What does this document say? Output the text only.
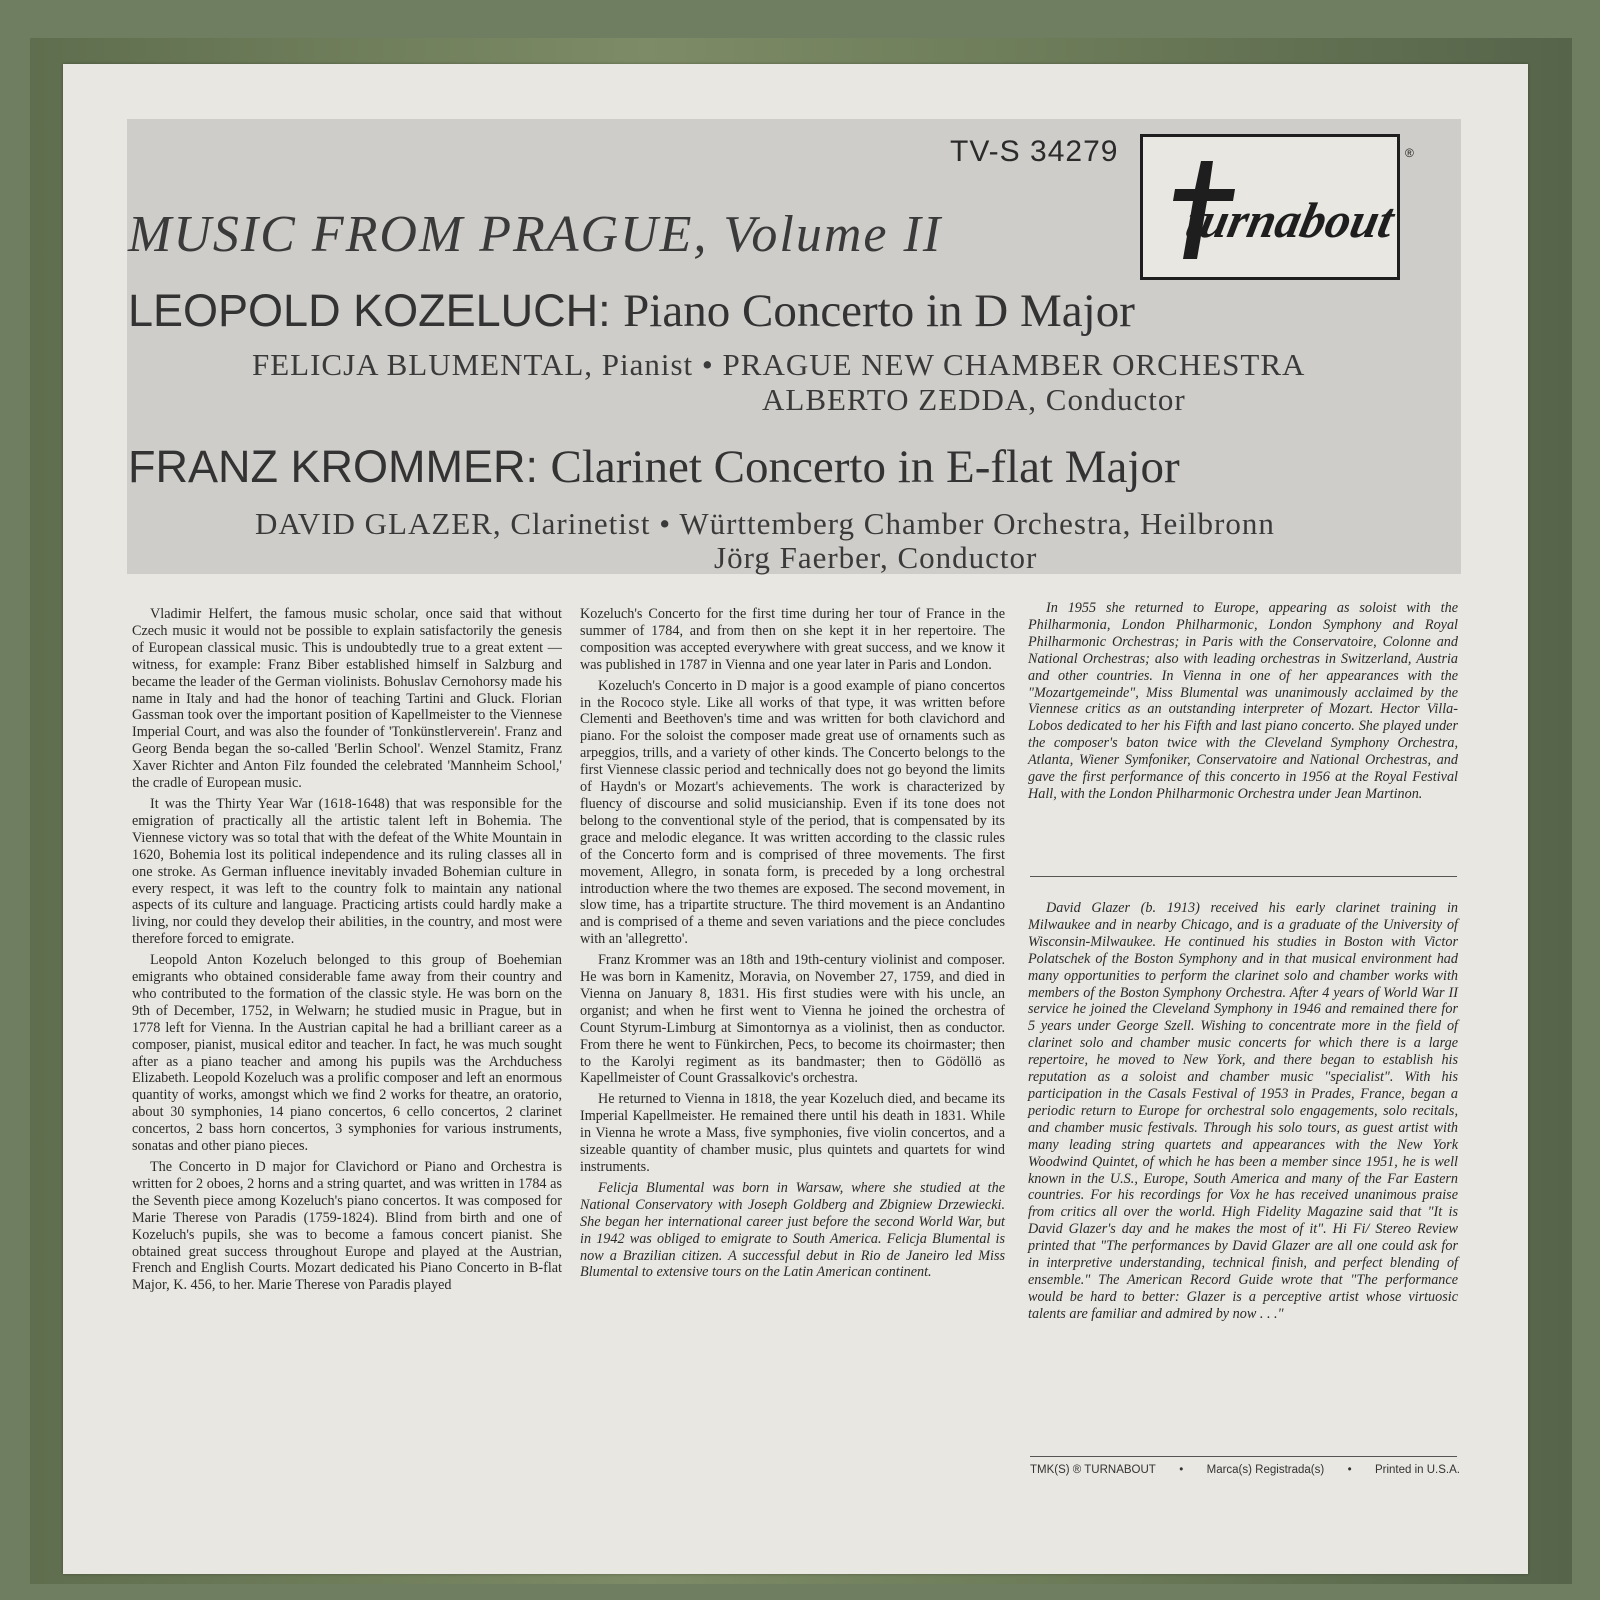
TV-S 34279
turnabout
®
MUSIC FROM PRAGUE, Volume II
LEOPOLD KOZELUCH: Piano Concerto in D Major
FELICJA BLUMENTAL, Pianist • PRAGUE NEW CHAMBER ORCHESTRA
ALBERTO ZEDDA, Conductor
FRANZ KROMMER: Clarinet Concerto in E-flat Major
DAVID GLAZER, Clarinetist • Württemberg Chamber Orchestra, Heilbronn
Jörg Faerber, Conductor

Vladimir Helfert, the famous music scholar, once said that without Czech music it would not be possible to explain satisfactorily the genesis of European classical music. This is undoubtedly true to a great extent — witness, for example: Franz Biber established himself in Salzburg and became the leader of the German violinists. Bohuslav Cernohorsy made his name in Italy and had the honor of teaching Tartini and Gluck. Florian Gassman took over the important position of Kapellmeister to the Viennese Imperial Court, and was also the founder of 'Tonkünstlerverein'. Franz and Georg Benda began the so-called 'Berlin School'. Wenzel Stamitz, Franz Xaver Richter and Anton Filz founded the celebrated 'Mannheim School,' the cradle of European music.

It was the Thirty Year War (1618-1648) that was responsible for the emigration of practically all the artistic talent left in Bohemia. The Viennese victory was so total that with the defeat of the White Mountain in 1620, Bohemia lost its political independence and its ruling classes all in one stroke. As German influence inevitably invaded Bohemian culture in every respect, it was left to the country folk to maintain any national aspects of its culture and language. Practicing artists could hardly make a living, nor could they develop their abilities, in the country, and most were therefore forced to emigrate.

Leopold Anton Kozeluch belonged to this group of Boehemian emigrants who obtained considerable fame away from their country and who contributed to the formation of the classic style. He was born on the 9th of December, 1752, in Welwarn; he studied music in Prague, but in 1778 left for Vienna. In the Austrian capital he had a brilliant career as a composer, pianist, musical editor and teacher. In fact, he was much sought after as a piano teacher and among his pupils was the Archduchess Elizabeth. Leopold Kozeluch was a prolific composer and left an enormous quantity of works, amongst which we find 2 works for theatre, an oratorio, about 30 symphonies, 14 piano concertos, 6 cello concertos, 2 clarinet concertos, 2 bass horn concertos, 3 symphonies for various instruments, sonatas and other piano pieces.

The Concerto in D major for Clavichord or Piano and Orchestra is written for 2 oboes, 2 horns and a string quartet, and was written in 1784 as the Seventh piece among Kozeluch's piano concertos. It was composed for Marie Therese von Paradis (1759-1824). Blind from birth and one of Kozeluch's pupils, she was to become a famous concert pianist. She obtained great success throughout Europe and played at the Austrian, French and English Courts. Mozart dedicated his Piano Concerto in B-flat Major, K. 456, to her. Marie Therese von Paradis played

Kozeluch's Concerto for the first time during her tour of France in the summer of 1784, and from then on she kept it in her repertoire. The composition was accepted everywhere with great success, and we know it was published in 1787 in Vienna and one year later in Paris and London.

Kozeluch's Concerto in D major is a good example of piano concertos in the Rococo style. Like all works of that type, it was written before Clementi and Beethoven's time and was written for both clavichord and piano. For the soloist the composer made great use of ornaments such as arpeggios, trills, and a variety of other kinds. The Concerto belongs to the first Viennese classic period and technically does not go beyond the limits of Haydn's or Mozart's achievements. The work is characterized by fluency of discourse and solid musicianship. Even if its tone does not belong to the conventional style of the period, that is compensated by its grace and melodic elegance. It was written according to the classic rules of the Concerto form and is comprised of three movements. The first movement, Allegro, in sonata form, is preceded by a long orchestral introduction where the two themes are exposed. The second movement, in slow time, has a tripartite structure. The third movement is an Andantino and is comprised of a theme and seven variations and the piece concludes with an 'allegretto'.

Franz Krommer was an 18th and 19th-century violinist and composer. He was born in Kamenitz, Moravia, on November 27, 1759, and died in Vienna on January 8, 1831. His first studies were with his uncle, an organist; and when he first went to Vienna he joined the orchestra of Count Styrum-Limburg at Simontornya as a violinist, then as conductor. From there he went to Fünkirchen, Pecs, to become its choirmaster; then to the Karolyi regiment as its bandmaster; then to Gödöllö as Kapellmeister of Count Grassalkovic's orchestra.

He returned to Vienna in 1818, the year Kozeluch died, and became its Imperial Kapellmeister. He remained there until his death in 1831. While in Vienna he wrote a Mass, five symphonies, five violin concertos, and a sizeable quantity of chamber music, plus quintets and quartets for wind instruments.

Felicja Blumental was born in Warsaw, where she studied at the National Conservatory with Joseph Goldberg and Zbigniew Drzewiecki. She began her international career just before the second World War, but in 1942 was obliged to emigrate to South America. Felicja Blumental is now a Brazilian citizen. A successful debut in Rio de Janeiro led Miss Blumental to extensive tours on the Latin American continent.

In 1955 she returned to Europe, appearing as soloist with the Philharmonia, London Philharmonic, London Symphony and Royal Philharmonic Orchestras; in Paris with the Conservatoire, Colonne and National Orchestras; also with leading orchestras in Switzerland, Austria and other countries. In Vienna in one of her appearances with the "Mozartgemeinde", Miss Blumental was unanimously acclaimed by the Viennese critics as an outstanding interpreter of Mozart. Hector Villa-Lobos dedicated to her his Fifth and last piano concerto. She played under the composer's baton twice with the Cleveland Symphony Orchestra, Atlanta, Wiener Symfoniker, Conservatoire and National Orchestras, and gave the first performance of this concerto in 1956 at the Royal Festival Hall, with the London Philharmonic Orchestra under Jean Martinon.

David Glazer (b. 1913) received his early clarinet training in Milwaukee and in nearby Chicago, and is a graduate of the University of Wisconsin-Milwaukee. He continued his studies in Boston with Victor Polatschek of the Boston Symphony and in that musical environment had many opportunities to perform the clarinet solo and chamber works with members of the Boston Symphony Orchestra. After 4 years of World War II service he joined the Cleveland Symphony in 1946 and remained there for 5 years under George Szell. Wishing to concentrate more in the field of clarinet solo and chamber music concerts for which there is a large repertoire, he moved to New York, and there began to establish his reputation as a soloist and chamber music "specialist". With his participation in the Casals Festival of 1953 in Prades, France, began a periodic return to Europe for orchestral solo engagements, solo recitals, and chamber music festivals. Through his solo tours, as guest artist with many leading string quartets and appearances with the New York Woodwind Quintet, of which he has been a member since 1951, he is well known in the U.S., Europe, South America and many of the Far Eastern countries. For his recordings for Vox he has received unanimous praise from critics all over the world. High Fidelity Magazine said that "It is David Glazer's day and he makes the most of it". Hi Fi/ Stereo Review printed that "The performances by David Glazer are all one could ask for in interpretive understanding, technical finish, and perfect blending of ensemble." The American Record Guide wrote that "The performance would be hard to better: Glazer is a perceptive artist whose virtuosic talents are familiar and admired by now . . ."

TMK(S) ® TURNABOUT • Marca(s) Registrada(s) • Printed in U.S.A.
